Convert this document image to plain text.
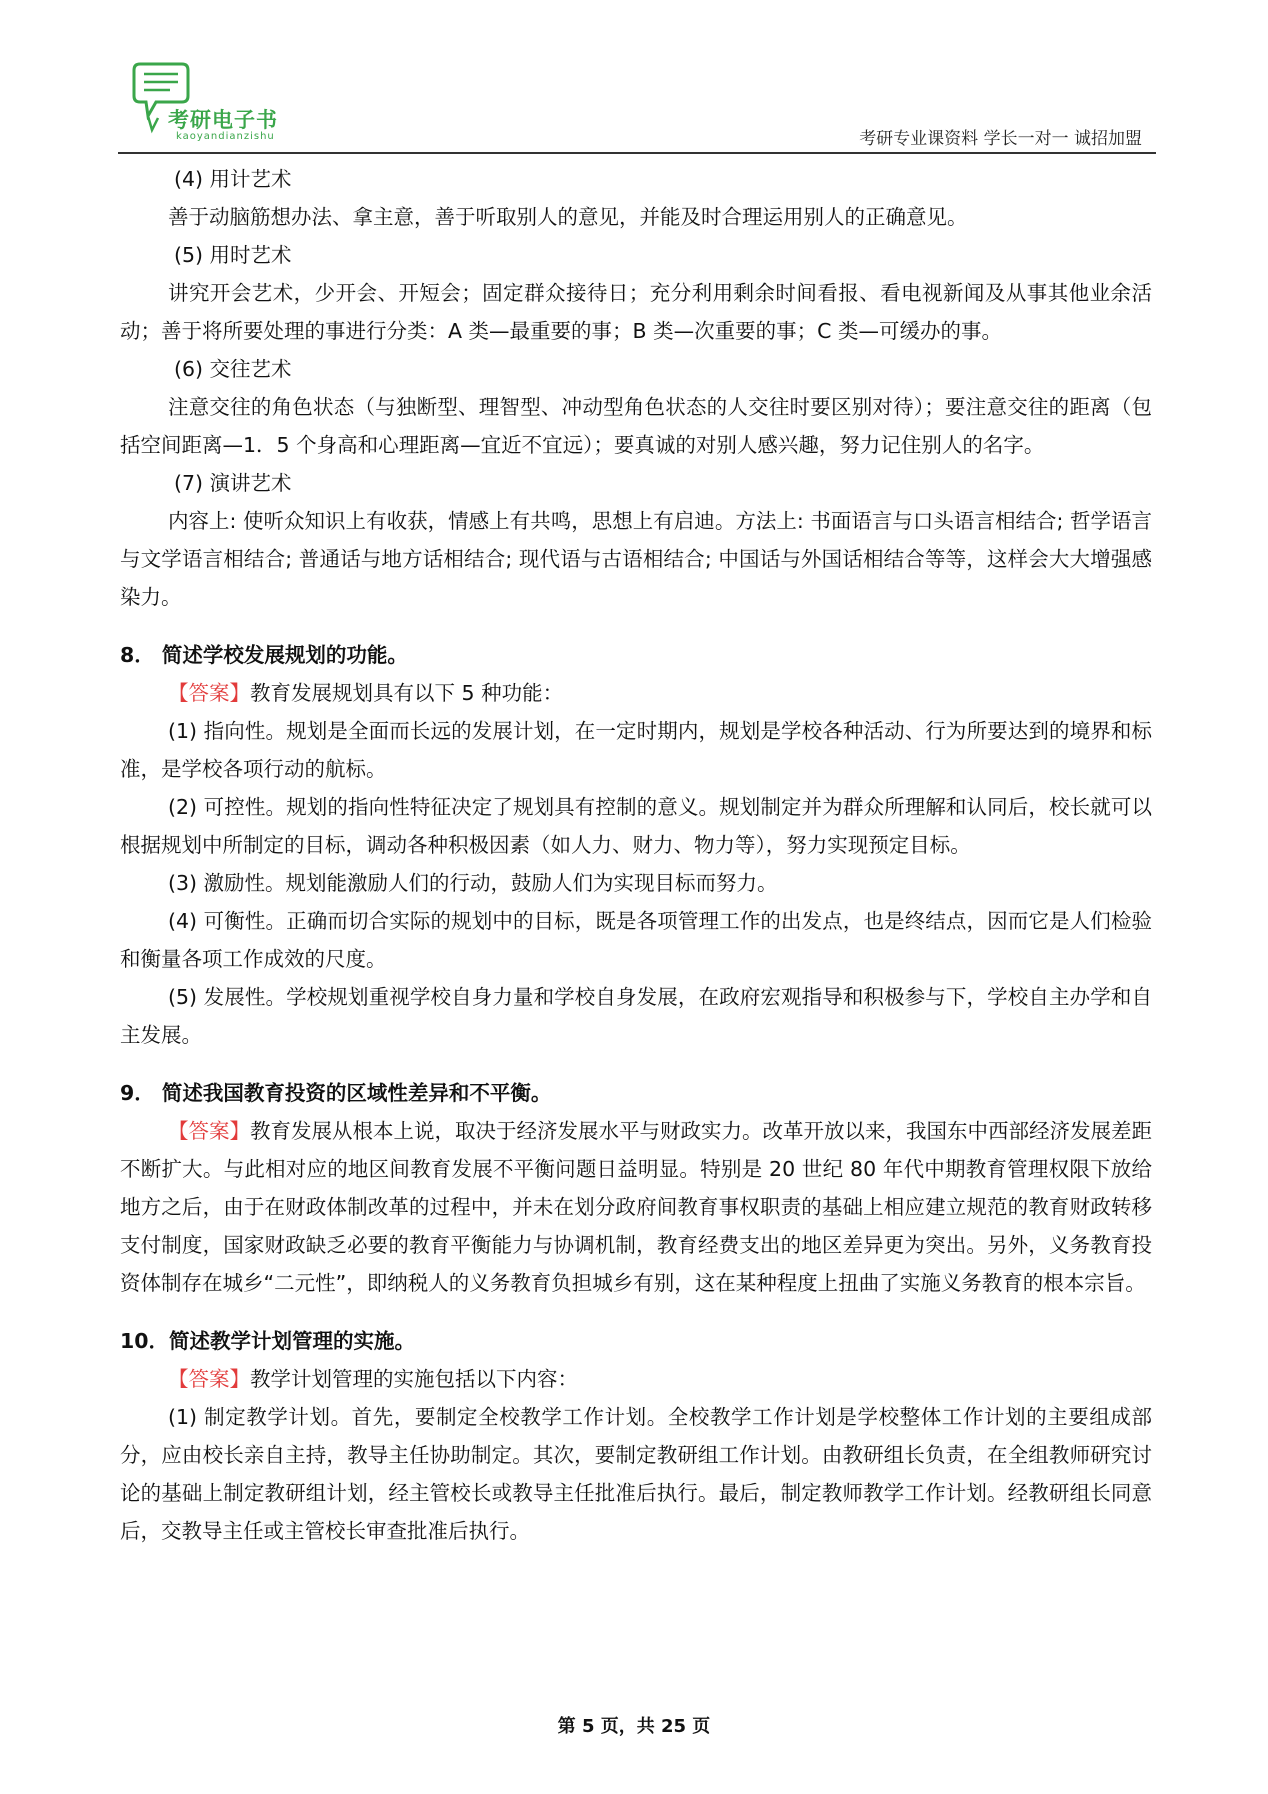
考研电子书
kaoyandianzishu	考研专业课资料 学长一对一 诚招加盟

(4) 用计艺术

善于动脑筋想办法、拿主意，善于听取别人的意见，并能及时合理运用别人的正确意见。

(5) 用时艺术

讲究开会艺术，少开会、开短会；固定群众接待日；充分利用剩余时间看报、看电视新闻及从事其他业余活动；善于将所要处理的事进行分类：A 类—最重要的事；B 类—次重要的事；C 类—可缓办的事。

(6) 交往艺术

注意交往的角色状态（与独断型、理智型、冲动型角色状态的人交往时要区别对待）；要注意交往的距离（包括空间距离—1．5 个身高和心理距离—宜近不宜远）；要真诚的对别人感兴趣，努力记住别人的名字。

(7) 演讲艺术

内容上: 使听众知识上有收获，情感上有共鸣，思想上有启迪。方法上: 书面语言与口头语言相结合; 哲学语言与文学语言相结合; 普通话与地方话相结合; 现代语与古语相结合; 中国话与外国话相结合等等，这样会大大增强感染力。

8． 简述学校发展规划的功能。

【答案】教育发展规划具有以下 5 种功能：

(1) 指向性。规划是全面而长远的发展计划，在一定时期内，规划是学校各种活动、行为所要达到的境界和标准，是学校各项行动的航标。

(2) 可控性。规划的指向性特征决定了规划具有控制的意义。规划制定并为群众所理解和认同后，校长就可以根据规划中所制定的目标，调动各种积极因素（如人力、财力、物力等），努力实现预定目标。

(3) 激励性。规划能激励人们的行动，鼓励人们为实现目标而努力。

(4) 可衡性。正确而切合实际的规划中的目标，既是各项管理工作的出发点，也是终结点，因而它是人们检验和衡量各项工作成效的尺度。

(5) 发展性。学校规划重视学校自身力量和学校自身发展，在政府宏观指导和积极参与下，学校自主办学和自主发展。

9． 简述我国教育投资的区域性差异和不平衡。

【答案】教育发展从根本上说，取决于经济发展水平与财政实力。改革开放以来，我国东中西部经济发展差距不断扩大。与此相对应的地区间教育发展不平衡问题日益明显。特别是 20 世纪 80 年代中期教育管理权限下放给地方之后，由于在财政体制改革的过程中，并未在划分政府间教育事权职责的基础上相应建立规范的教育财政转移支付制度，国家财政缺乏必要的教育平衡能力与协调机制，教育经费支出的地区差异更为突出。另外，义务教育投资体制存在城乡“二元性”，即纳税人的义务教育负担城乡有别，这在某种程度上扭曲了实施义务教育的根本宗旨。

10．简述教学计划管理的实施。

【答案】教学计划管理的实施包括以下内容：

(1) 制定教学计划。首先，要制定全校教学工作计划。全校教学工作计划是学校整体工作计划的主要组成部分，应由校长亲自主持，教导主任协助制定。其次，要制定教研组工作计划。由教研组长负责，在全组教师研究讨论的基础上制定教研组计划，经主管校长或教导主任批准后执行。最后，制定教师教学工作计划。经教研组长同意后，交教导主任或主管校长审查批准后执行。

第 5 页，共 25 页
